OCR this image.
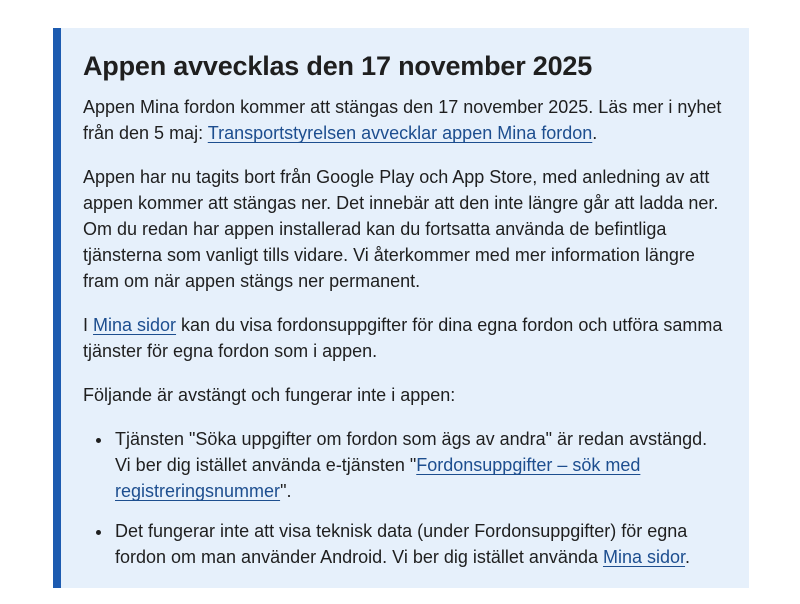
Appen avvecklas den 17 november 2025

Appen Mina fordon kommer att stängas den 17 november 2025. Läs mer i nyhet från den 5 maj: Transportstyrelsen avvecklar appen Mina fordon.

Appen har nu tagits bort från Google Play och App Store, med anledning av att appen kommer att stängas ner. Det innebär att den inte längre går att ladda ner. Om du redan har appen installerad kan du fortsatta använda de befintliga tjänsterna som vanligt tills vidare. Vi återkommer med mer information längre fram om när appen stängs ner permanent.

I Mina sidor kan du visa fordonsuppgifter för dina egna fordon och utföra samma tjänster för egna fordon som i appen.

Följande är avstängt och fungerar inte i appen:

• Tjänsten "Söka uppgifter om fordon som ägs av andra" är redan avstängd. Vi ber dig istället använda e-tjänsten "Fordonsuppgifter – sök med registreringsnummer".
• Det fungerar inte att visa teknisk data (under Fordonsuppgifter) för egna fordon om man använder Android. Vi ber dig istället använda Mina sidor.
